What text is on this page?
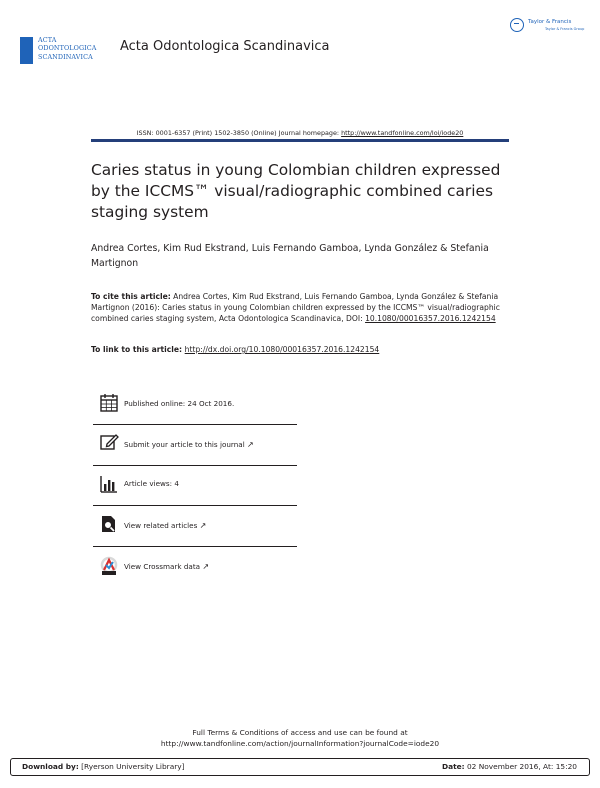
ACTA
ODONTOLOGICA
SCANDINAVICA
Acta Odontologica Scandinavica
Taylor & Francis
Taylor & Francis Group
ISSN: 0001-6357 (Print) 1502-3850 (Online) Journal homepage: http://www.tandfonline.com/loi/iode20
Caries status in young Colombian children expressed by the ICCMS™ visual/radiographic combined caries staging system
Andrea Cortes, Kim Rud Ekstrand, Luis Fernando Gamboa, Lynda González & Stefania Martignon
To cite this article: Andrea Cortes, Kim Rud Ekstrand, Luis Fernando Gamboa, Lynda González & Stefania Martignon (2016): Caries status in young Colombian children expressed by the ICCMS™ visual/radiographic combined caries staging system, Acta Odontologica Scandinavica, DOI: 10.1080/00016357.2016.1242154
To link to this article: http://dx.doi.org/10.1080/00016357.2016.1242154
Published online: 24 Oct 2016.
Submit your article to this journal ↗
Article views: 4
View related articles ↗
View Crossmark data ↗
Full Terms & Conditions of access and use can be found at
http://www.tandfonline.com/action/journalInformation?journalCode=iode20
Download by: [Ryerson University Library]	Date: 02 November 2016, At: 15:20
